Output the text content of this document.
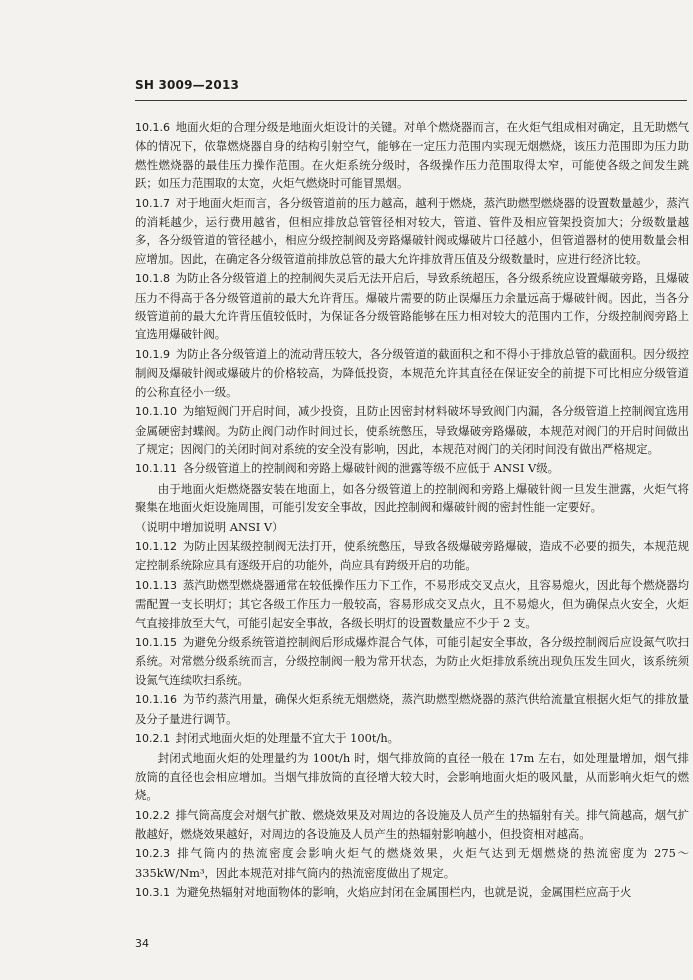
SH 3009—2013

10.1.6  地面火炬的合理分级是地面火炬设计的关键。对单个燃烧器而言，在火炬气组成相对确定，且无助燃气体的情况下，依靠燃烧器自身的结构引射空气，能够在一定压力范围内实现无烟燃烧，该压力范围即为压力助燃性燃烧器的最佳压力操作范围。在火炬系统分级时，各级操作压力范围取得太窄，可能使各级之间发生跳跃；如压力范围取的太宽，火炬气燃烧时可能冒黑烟。

10.1.7  对于地面火炬而言，各分级管道前的压力越高，越利于燃烧，蒸汽助燃型燃烧器的设置数量越少，蒸汽的消耗越少，运行费用越省，但相应排放总管管径相对较大，管道、管件及相应管架投资加大；分级数量越多，各分级管道的管径越小，相应分级控制阀及旁路爆破针阀或爆破片口径越小，但管道器材的使用数量会相应增加。因此，在确定各分级管道前排放总管的最大允许排放背压值及分级数量时，应进行经济比较。

10.1.8  为防止各分级管道上的控制阀失灵后无法开启后，导致系统超压，各分级系统应设置爆破旁路，且爆破压力不得高于各分级管道前的最大允许背压。爆破片需要的防止误爆压力余量远高于爆破针阀。因此，当各分级管道前的最大允许背压值较低时，为保证各分级管路能够在压力相对较大的范围内工作，分级控制阀旁路上宜选用爆破针阀。

10.1.9  为防止各分级管道上的流动背压较大，各分级管道的截面积之和不得小于排放总管的截面积。因分级控制阀及爆破针阀或爆破片的价格较高，为降低投资，本规范允许其直径在保证安全的前提下可比相应分级管道的公称直径小一级。

10.1.10  为缩短阀门开启时间，减少投资，且防止因密封材料破坏导致阀门内漏，各分级管道上控制阀宜选用金属硬密封蝶阀。为防止阀门动作时间过长，使系统憋压，导致爆破旁路爆破，本规范对阀门的开启时间做出了规定；因阀门的关闭时间对系统的安全没有影响，因此，本规范对阀门的关闭时间没有做出严格规定。

10.1.11  各分级管道上的控制阀和旁路上爆破针阀的泄露等级不应低于 ANSI Ⅴ级。

由于地面火炬燃烧器安装在地面上，如各分级管道上的控制阀和旁路上爆破针阀一旦发生泄露，火炬气将聚集在地面火炬设施周围，可能引发安全事故，因此控制阀和爆破针阀的密封性能一定要好。

（说明中增加说明 ANSI Ⅴ）

10.1.12  为防止因某级控制阀无法打开，使系统憋压，导致各级爆破旁路爆破，造成不必要的损失，本规范规定控制系统除应具有逐级开启的功能外，尚应具有跨级开启的功能。

10.1.13  蒸汽助燃型燃烧器通常在较低操作压力下工作，不易形成交叉点火，且容易熄火，因此每个燃烧器均需配置一支长明灯；其它各级工作压力一般较高，容易形成交叉点火，且不易熄火，但为确保点火安全，火炬气直接排放至大气，可能引起安全事故，各级长明灯的设置数量应不少于 2 支。

10.1.15  为避免分级系统管道控制阀后形成爆炸混合气体，可能引起安全事故，各分级控制阀后应设氮气吹扫系统。对常燃分级系统而言，分级控制阀一般为常开状态，为防止火炬排放系统出现负压发生回火，该系统须设氮气连续吹扫系统。

10.1.16  为节约蒸汽用量，确保火炬系统无烟燃烧，蒸汽助燃型燃烧器的蒸汽供给流量宜根据火炬气的排放量及分子量进行调节。

10.2.1  封闭式地面火炬的处理量不宜大于 100t/h。

封闭式地面火炬的处理量约为 100t/h 时，烟气排放筒的直径一般在 17m 左右，如处理量增加，烟气排放筒的直径也会相应增加。当烟气排放筒的直径增大较大时，会影响地面火炬的吸风量，从而影响火炬气的燃烧。

10.2.2  排气筒高度会对烟气扩散、燃烧效果及对周边的各设施及人员产生的热辐射有关。排气筒越高，烟气扩散越好，燃烧效果越好，对周边的各设施及人员产生的热辐射影响越小，但投资相对越高。

10.2.3  排气筒内的热流密度会影响火炬气的燃烧效果，火炬气达到无烟燃烧的热流密度为 275～335kW/Nm³，因此本规范对排气筒内的热流密度做出了规定。

10.3.1  为避免热辐射对地面物体的影响，火焰应封闭在金属围栏内，也就是说，金属围栏应高于火

34
